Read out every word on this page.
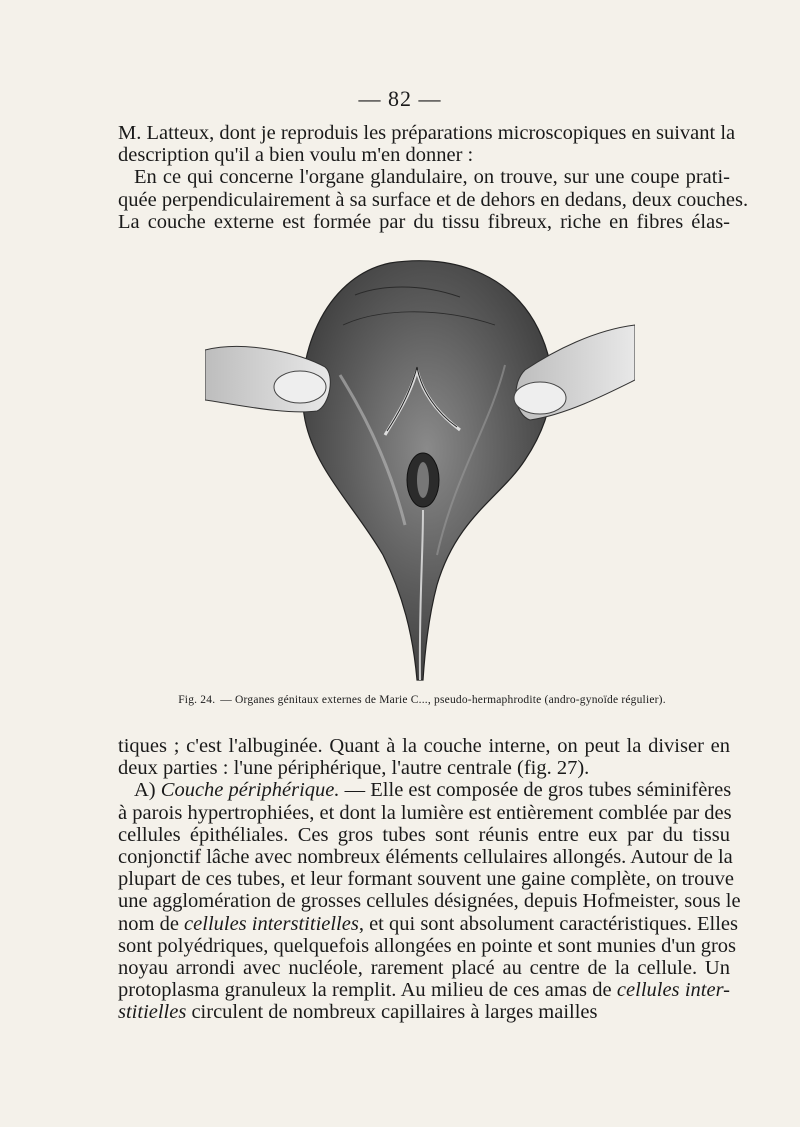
— 82 —
M. Latteux, dont je reproduis les préparations microscopiques en suivant la
description qu'il a bien voulu m'en donner :
En ce qui concerne l'organe glandulaire, on trouve, sur une coupe prati-
quée perpendiculairement à sa surface et de dehors en dedans, deux couches.
La couche externe est formée par du tissu fibreux, riche en fibres élas-
Fig. 24. — Organes génitaux externes de Marie C..., pseudo-hermaphrodite (andro-gynoïde régulier).
tiques ; c'est l'albuginée. Quant à la couche interne, on peut la diviser en
deux parties : l'une périphérique, l'autre centrale (fig. 27).
A) Couche périphérique. — Elle est composée de gros tubes séminifères
à parois hypertrophiées, et dont la lumière est entièrement comblée par des
cellules épithéliales. Ces gros tubes sont réunis entre eux par du tissu
conjonctif lâche avec nombreux éléments cellulaires allongés. Autour de la
plupart de ces tubes, et leur formant souvent une gaine complète, on trouve
une agglomération de grosses cellules désignées, depuis Hofmeister, sous le
nom de cellules interstitielles, et qui sont absolument caractéristiques. Elles
sont polyédriques, quelquefois allongées en pointe et sont munies d'un gros
noyau arrondi avec nucléole, rarement placé au centre de la cellule. Un
protoplasma granuleux la remplit. Au milieu de ces amas de cellules inter-
stitielles circulent de nombreux capillaires à larges mailles
